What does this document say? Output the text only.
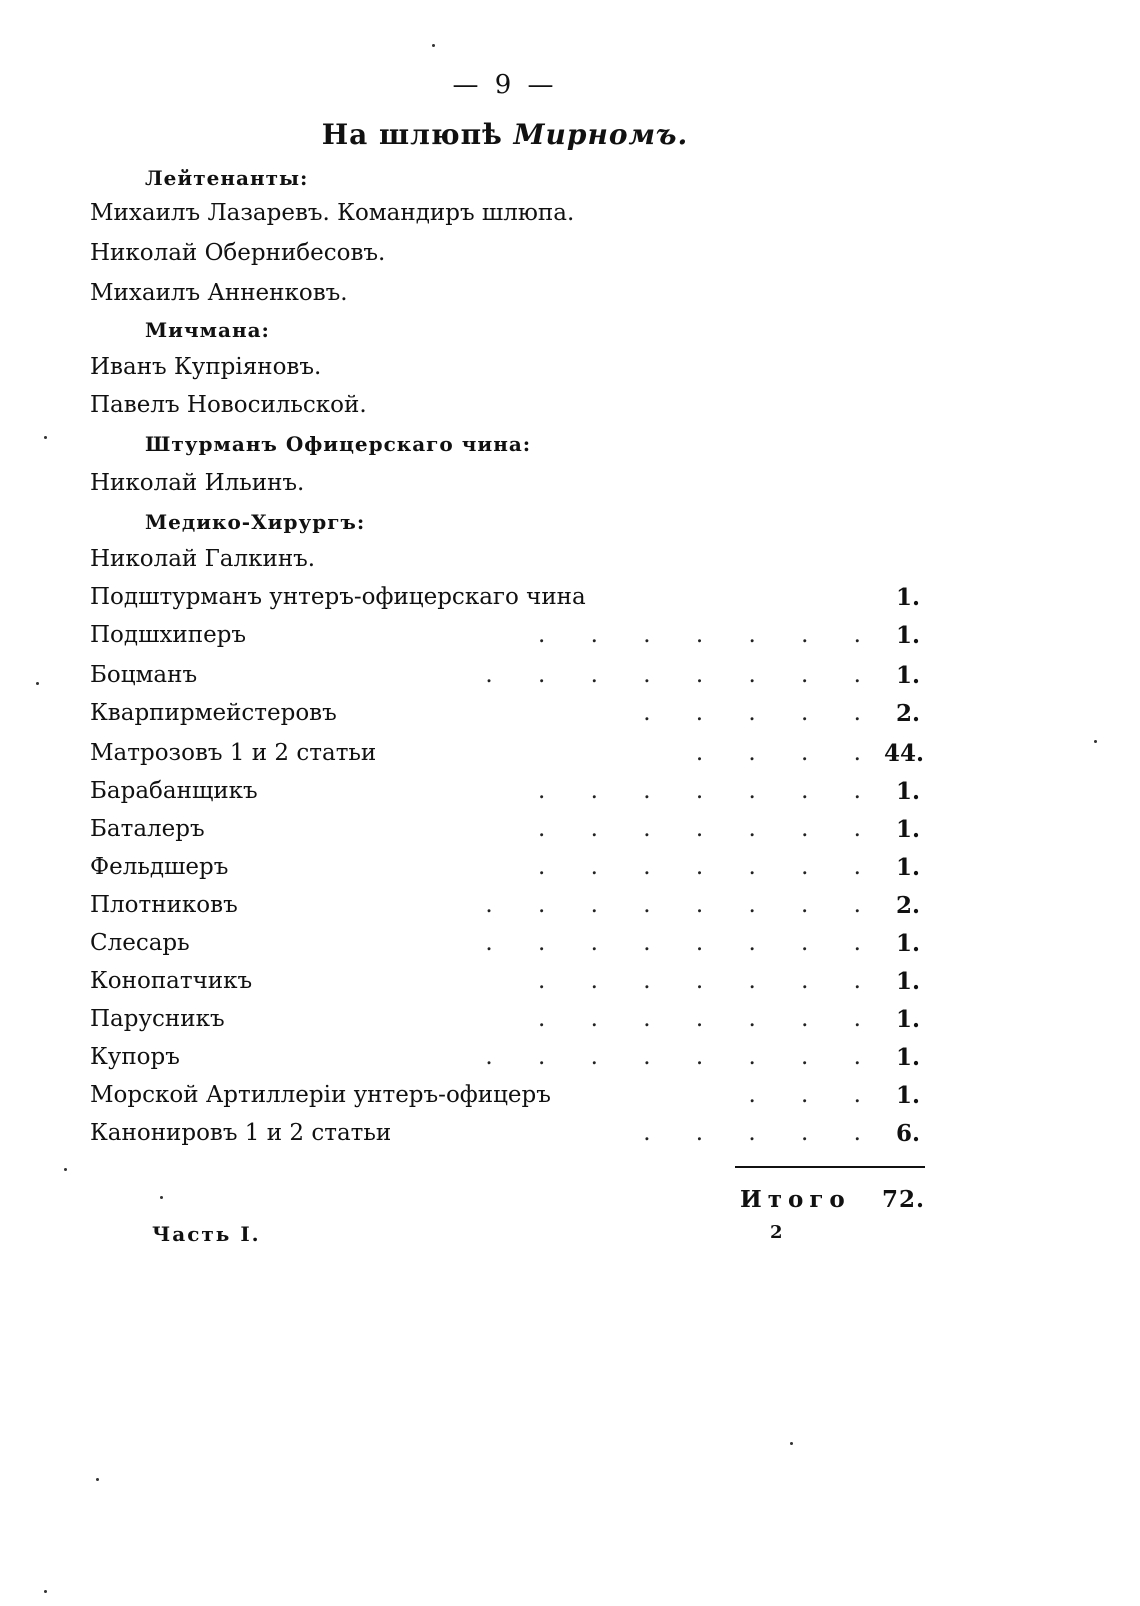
— 9 —
На шлюпѣ Мирномъ.
Лейтенанты:
Михаилъ Лазаревъ. Командиръ шлюпа.
Николай Обернибесовъ.
Михаилъ Анненковъ.
Мичмана:
Иванъ Купріяновъ.
Павелъ Новосильской.
Штурманъ Офицерскаго чина:
Николай Ильинъ.
Медико-Хирургъ:
Николай Галкинъ.
Подштурманъ унтеръ-офицерскаго чина	1.
Подшхиперъ	. . . . . . . 1.
Боцманъ	. . . . . . . . 1.
Кварпирмейстеровъ	. . . . . 2.
Матрозовъ 1 и 2 статьи	. . . . 44.
Барабанщикъ	. . . . . . . 1.
Баталеръ	. . . . . . . 1.
Фельдшеръ	. . . . . . . 1.
Плотниковъ	. . . . . . . . 2.
Слесарь	. . . . . . . . 1.
Конопатчикъ	. . . . . . . 1.
Парусникъ	. . . . . . . 1.
Купоръ	. . . . . . . . 1.
Морской Артиллеріи унтеръ-офицеръ	. . . 1.
Канонировъ 1 и 2 статьи	. . . . . 6.
Итого 72.
Часть I.	2
